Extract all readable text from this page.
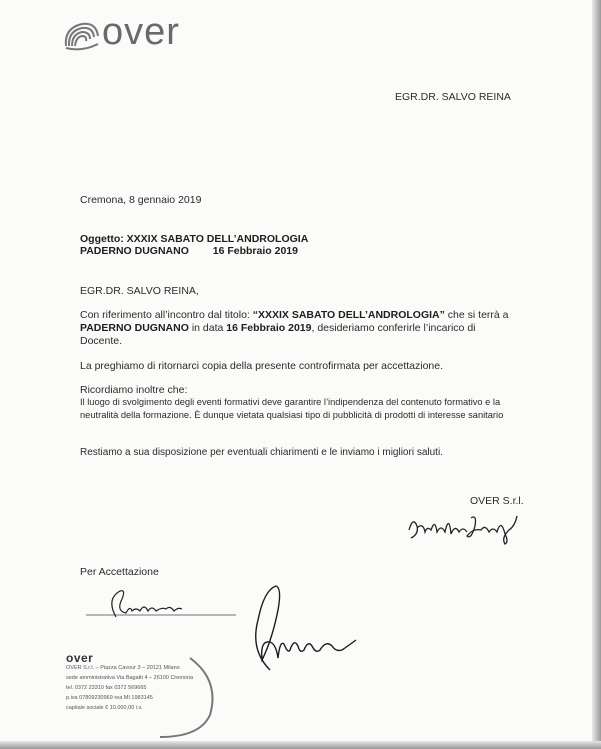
over
EGR.DR. SALVO REINA
Cremona, 8 gennaio 2019
Oggetto: XXXIX SABATO DELL’ANDROLOGIA
PADERNO DUGNANO 16 Febbraio 2019
EGR.DR. SALVO REINA,
Con riferimento all’incontro dal titolo: “XXXIX SABATO DELL’ANDROLOGIA” che si terrà a
PADERNO DUGNANO in data 16 Febbraio 2019, desideriamo conferirle l’incarico di
Docente.
La preghiamo di ritornarci copia della presente controfirmata per accettazione.
Ricordiamo inoltre che:
Il luogo di svolgimento degli eventi formativi deve garantire l’indipendenza del contenuto formativo e la
neutralità della formazione. È dunque vietata qualsiasi tipo di pubblicità di prodotti di interesse sanitario
Restiamo a sua disposizione per eventuali chiarimenti e le inviamo i migliori saluti.
OVER S.r.l.
Per Accettazione
over
OVER S.r.l. – Piazza Cavour 3 – 20121 Milano
sede amministrativa Via Bagatti 4 – 26100 Cremona
tel. 0372 23310 fax 0372 569665
p.iva 07809230969 rea MI 1983145
capitale sociale € 10.000,00 i.v.
